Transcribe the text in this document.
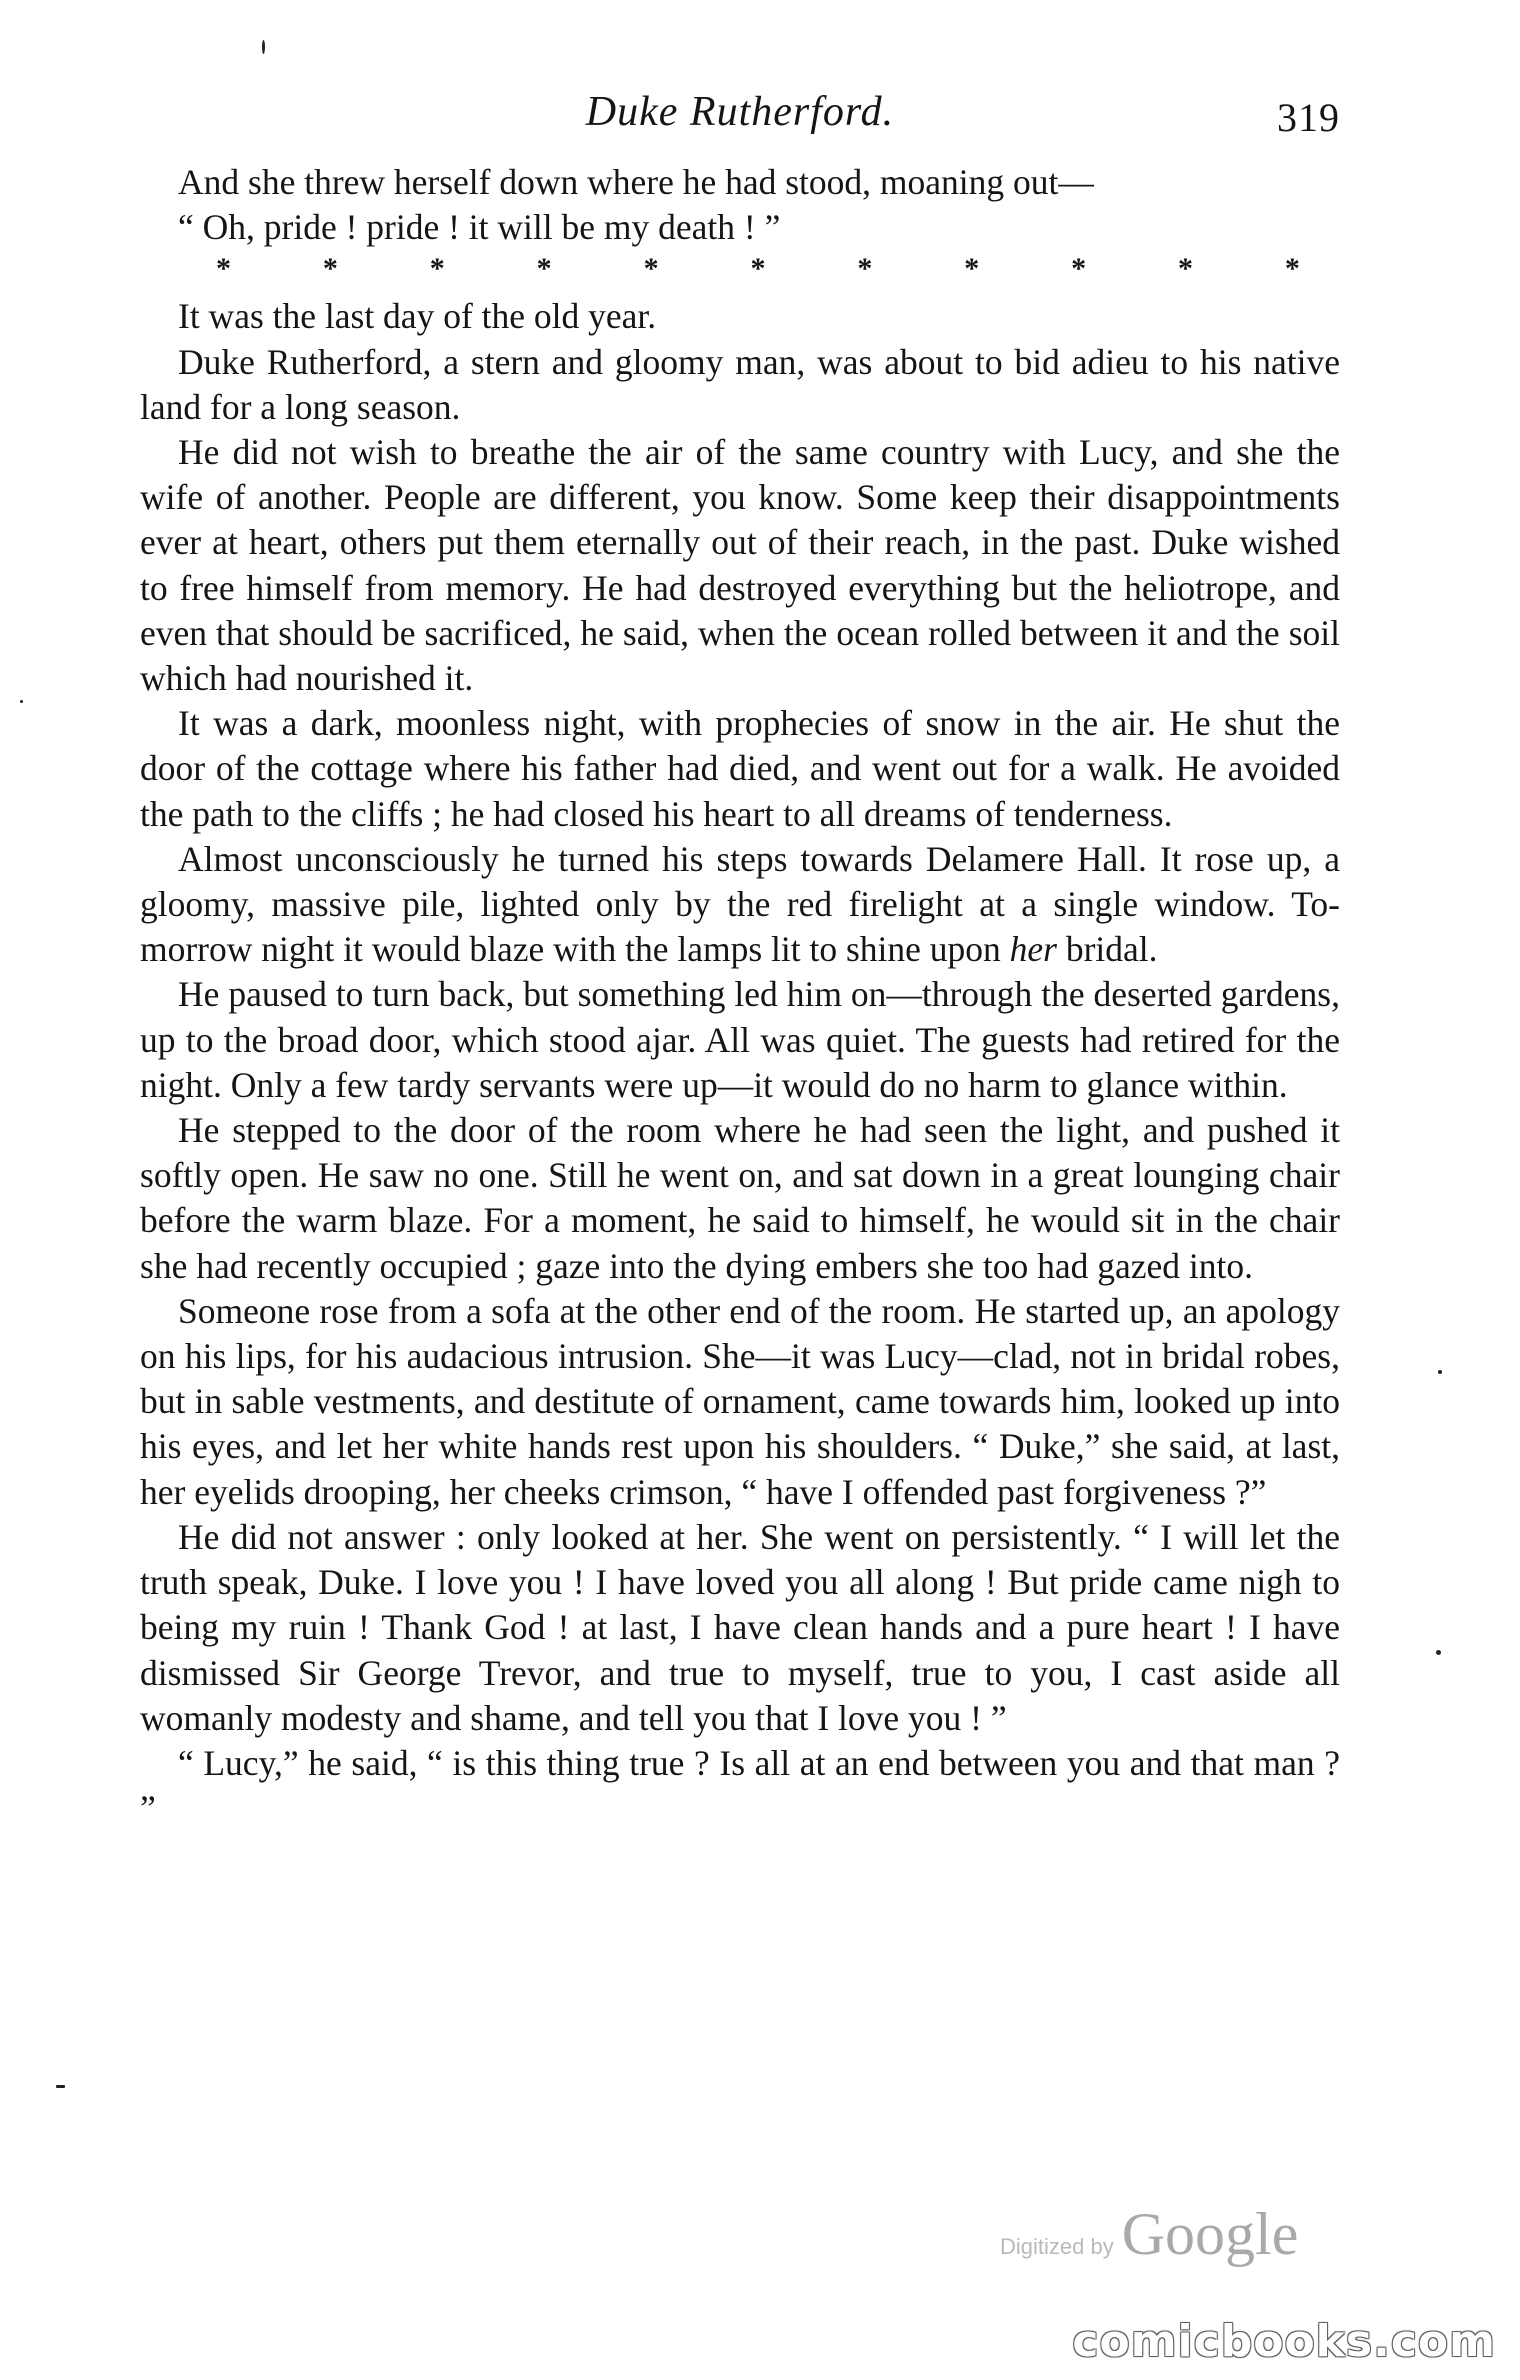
Duke Rutherford.	319

And she threw herself down where he had stood, moaning out—

“ Oh, pride ! pride ! it will be my death ! ”

*	*	*	*	*	*	*	*	*	*	*

It was the last day of the old year.

Duke Rutherford, a stern and gloomy man, was about to bid adieu to his native land for a long season.

He did not wish to breathe the air of the same country with Lucy, and she the wife of another. People are different, you know. Some keep their disappointments ever at heart, others put them eternally out of their reach, in the past. Duke wished to free himself from memory. He had destroyed everything but the heliotrope, and even that should be sacrificed, he said, when the ocean rolled between it and the soil which had nourished it.

It was a dark, moonless night, with prophecies of snow in the air. He shut the door of the cottage where his father had died, and went out for a walk. He avoided the path to the cliffs ; he had closed his heart to all dreams of tenderness.

Almost unconsciously he turned his steps towards Delamere Hall. It rose up, a gloomy, massive pile, lighted only by the red firelight at a single window. To-morrow night it would blaze with the lamps lit to shine upon her bridal.

He paused to turn back, but something led him on—through the deserted gardens, up to the broad door, which stood ajar. All was quiet. The guests had retired for the night. Only a few tardy servants were up—it would do no harm to glance within.

He stepped to the door of the room where he had seen the light, and pushed it softly open. He saw no one. Still he went on, and sat down in a great lounging chair before the warm blaze. For a moment, he said to himself, he would sit in the chair she had recently occupied ; gaze into the dying embers she too had gazed into.

Someone rose from a sofa at the other end of the room. He started up, an apology on his lips, for his audacious intrusion. She—it was Lucy—clad, not in bridal robes, but in sable vestments, and destitute of ornament, came towards him, looked up into his eyes, and let her white hands rest upon his shoulders. “ Duke,” she said, at last, her eyelids drooping, her cheeks crimson, “ have I offended past forgiveness ?”

He did not answer : only looked at her. She went on persistently. “ I will let the truth speak, Duke. I love you ! I have loved you all along ! But pride came nigh to being my ruin ! Thank God ! at last, I have clean hands and a pure heart ! I have dismissed Sir George Trevor, and true to myself, true to you, I cast aside all womanly modesty and shame, and tell you that I love you ! ”

“ Lucy,” he said, “ is this thing true ? Is all at an end between you and that man ? ”

Digitized by Google
comicbooks.com
